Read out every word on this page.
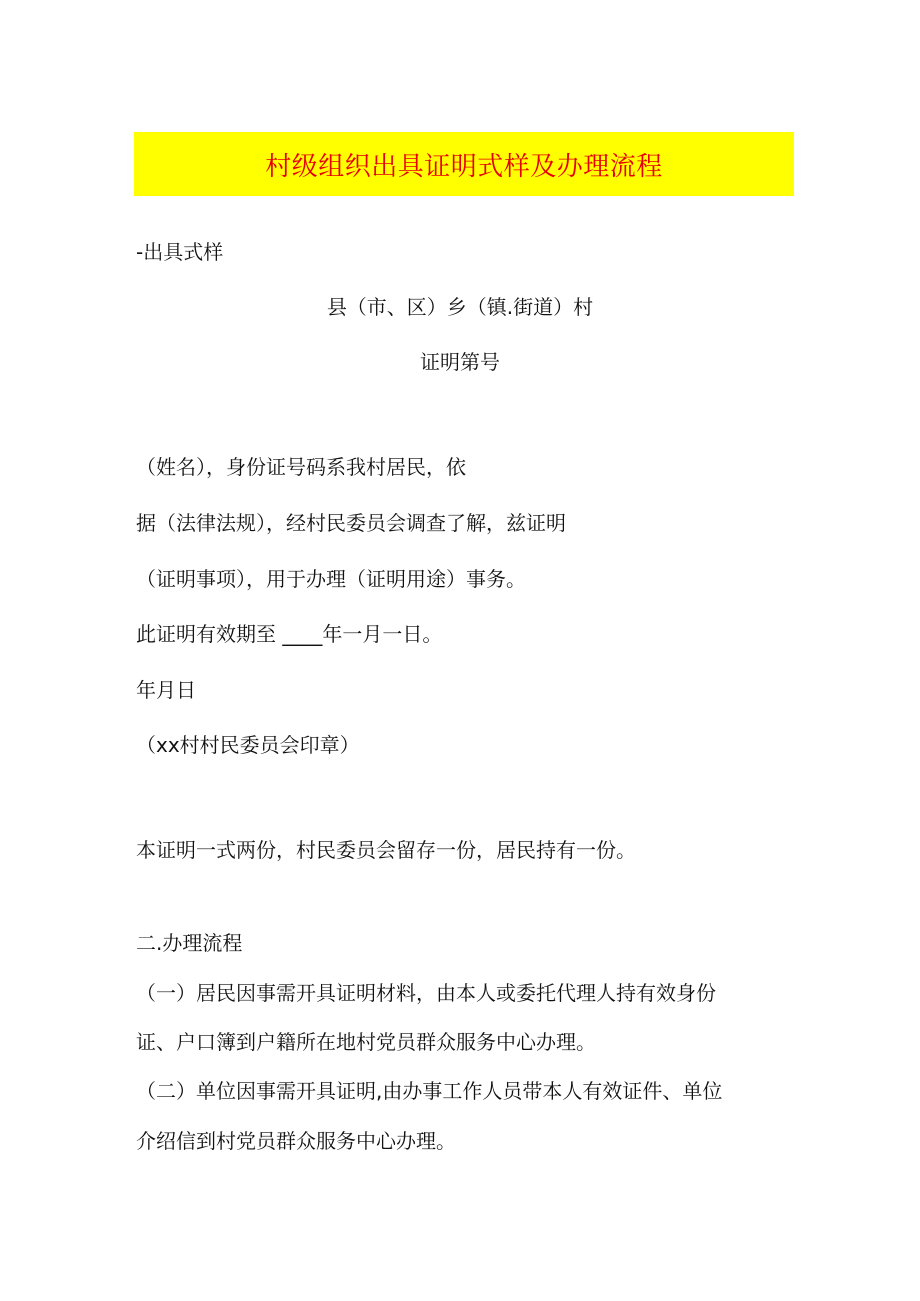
村级组织出具证明式样及办理流程
-出具式样
县（市、区）乡（镇.街道）村
证明第号
（姓名），身份证号码系我村居民，依
据（法律法规），经村民委员会调查了解，兹证明
（证明事项），用于办理（证明用途）事务。
此证明有效期至 ____年一月一日。
年月日
（xx村村民委员会印章）
本证明一式两份，村民委员会留存一份，居民持有一份。
二.办理流程
（一）居民因事需开具证明材料，由本人或委托代理人持有效身份
证、户口簿到户籍所在地村党员群众服务中心办理。
（二）单位因事需开具证明,由办事工作人员带本人有效证件、单位
介绍信到村党员群众服务中心办理。
